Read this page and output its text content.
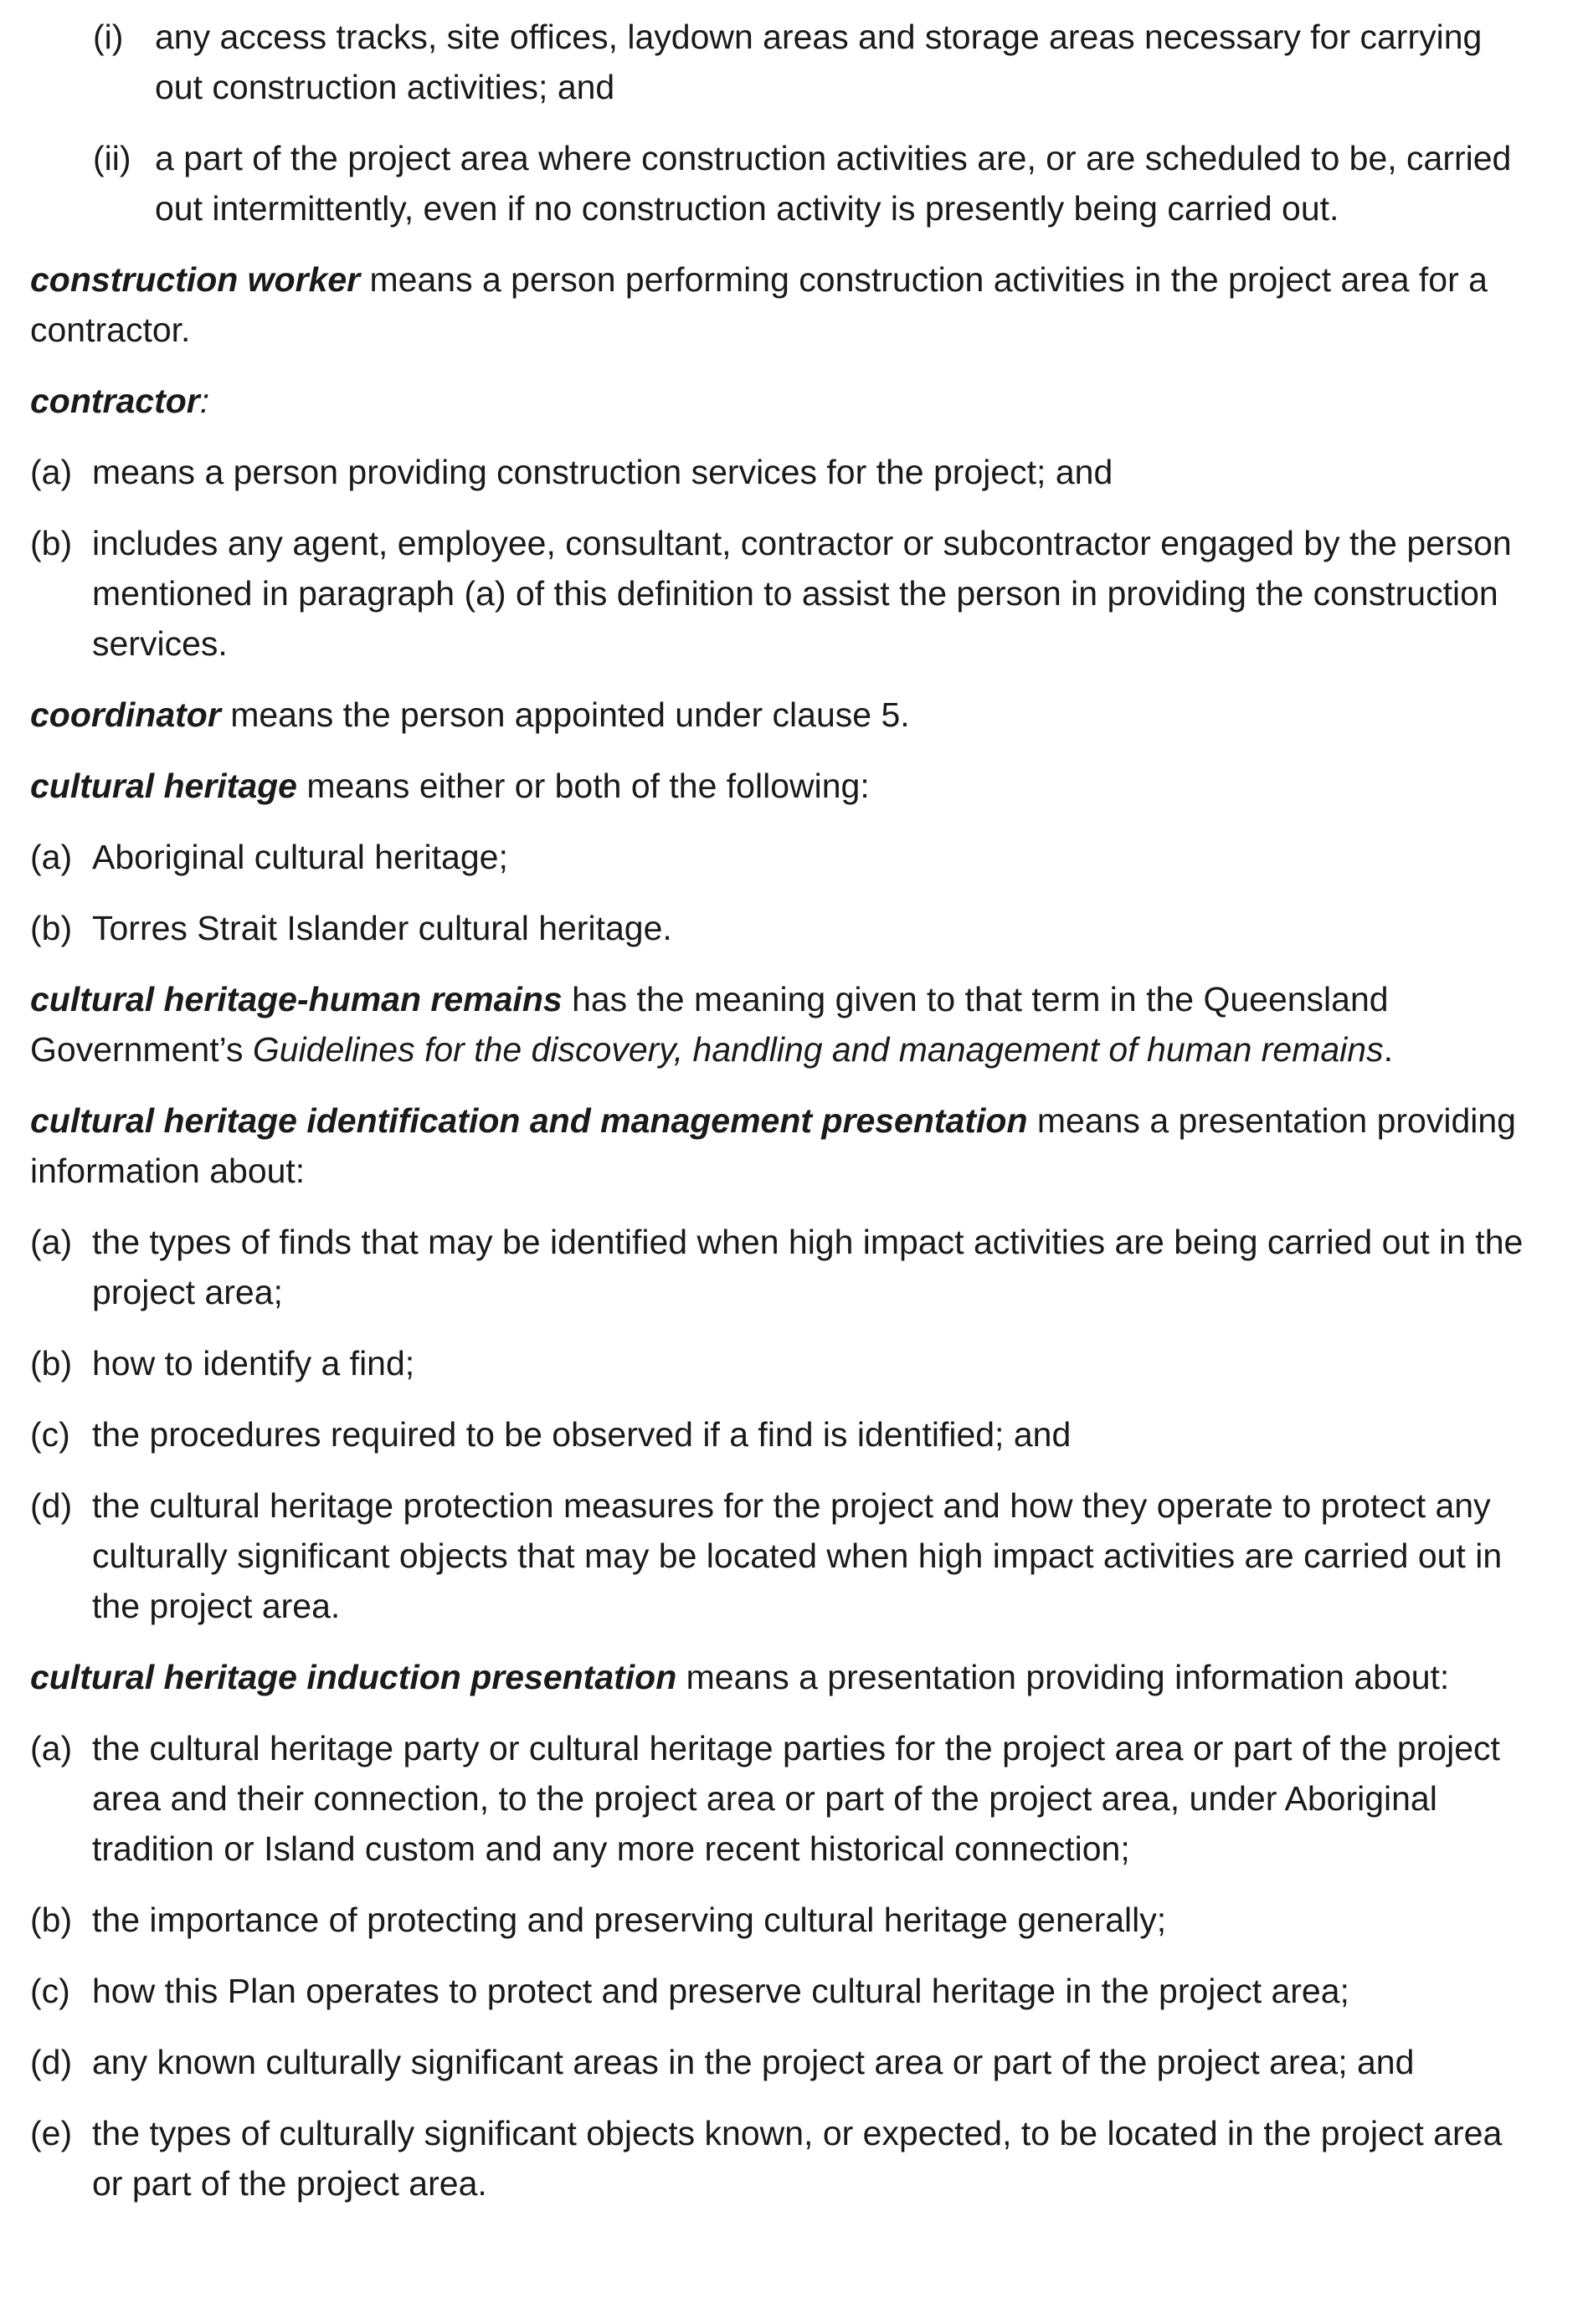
(i) any access tracks, site offices, laydown areas and storage areas necessary for carrying out construction activities; and
(ii) a part of the project area where construction activities are, or are scheduled to be, carried out intermittently, even if no construction activity is presently being carried out.

construction worker means a person performing construction activities in the project area for a contractor.

contractor:

(a) means a person providing construction services for the project; and
(b) includes any agent, employee, consultant, contractor or subcontractor engaged by the person mentioned in paragraph (a) of this definition to assist the person in providing the construction services.

coordinator means the person appointed under clause 5.

cultural heritage means either or both of the following:

(a) Aboriginal cultural heritage;
(b) Torres Strait Islander cultural heritage.

cultural heritage-human remains has the meaning given to that term in the Queensland Government’s Guidelines for the discovery, handling and management of human remains.

cultural heritage identification and management presentation means a presentation providing information about:

(a) the types of finds that may be identified when high impact activities are being carried out in the project area;
(b) how to identify a find;
(c) the procedures required to be observed if a find is identified; and
(d) the cultural heritage protection measures for the project and how they operate to protect any culturally significant objects that may be located when high impact activities are carried out in the project area.

cultural heritage induction presentation means a presentation providing information about:

(a) the cultural heritage party or cultural heritage parties for the project area or part of the project area and their connection, to the project area or part of the project area, under Aboriginal tradition or Island custom and any more recent historical connection;
(b) the importance of protecting and preserving cultural heritage generally;
(c) how this Plan operates to protect and preserve cultural heritage in the project area;
(d) any known culturally significant areas in the project area or part of the project area; and
(e) the types of culturally significant objects known, or expected, to be located in the project area or part of the project area.
